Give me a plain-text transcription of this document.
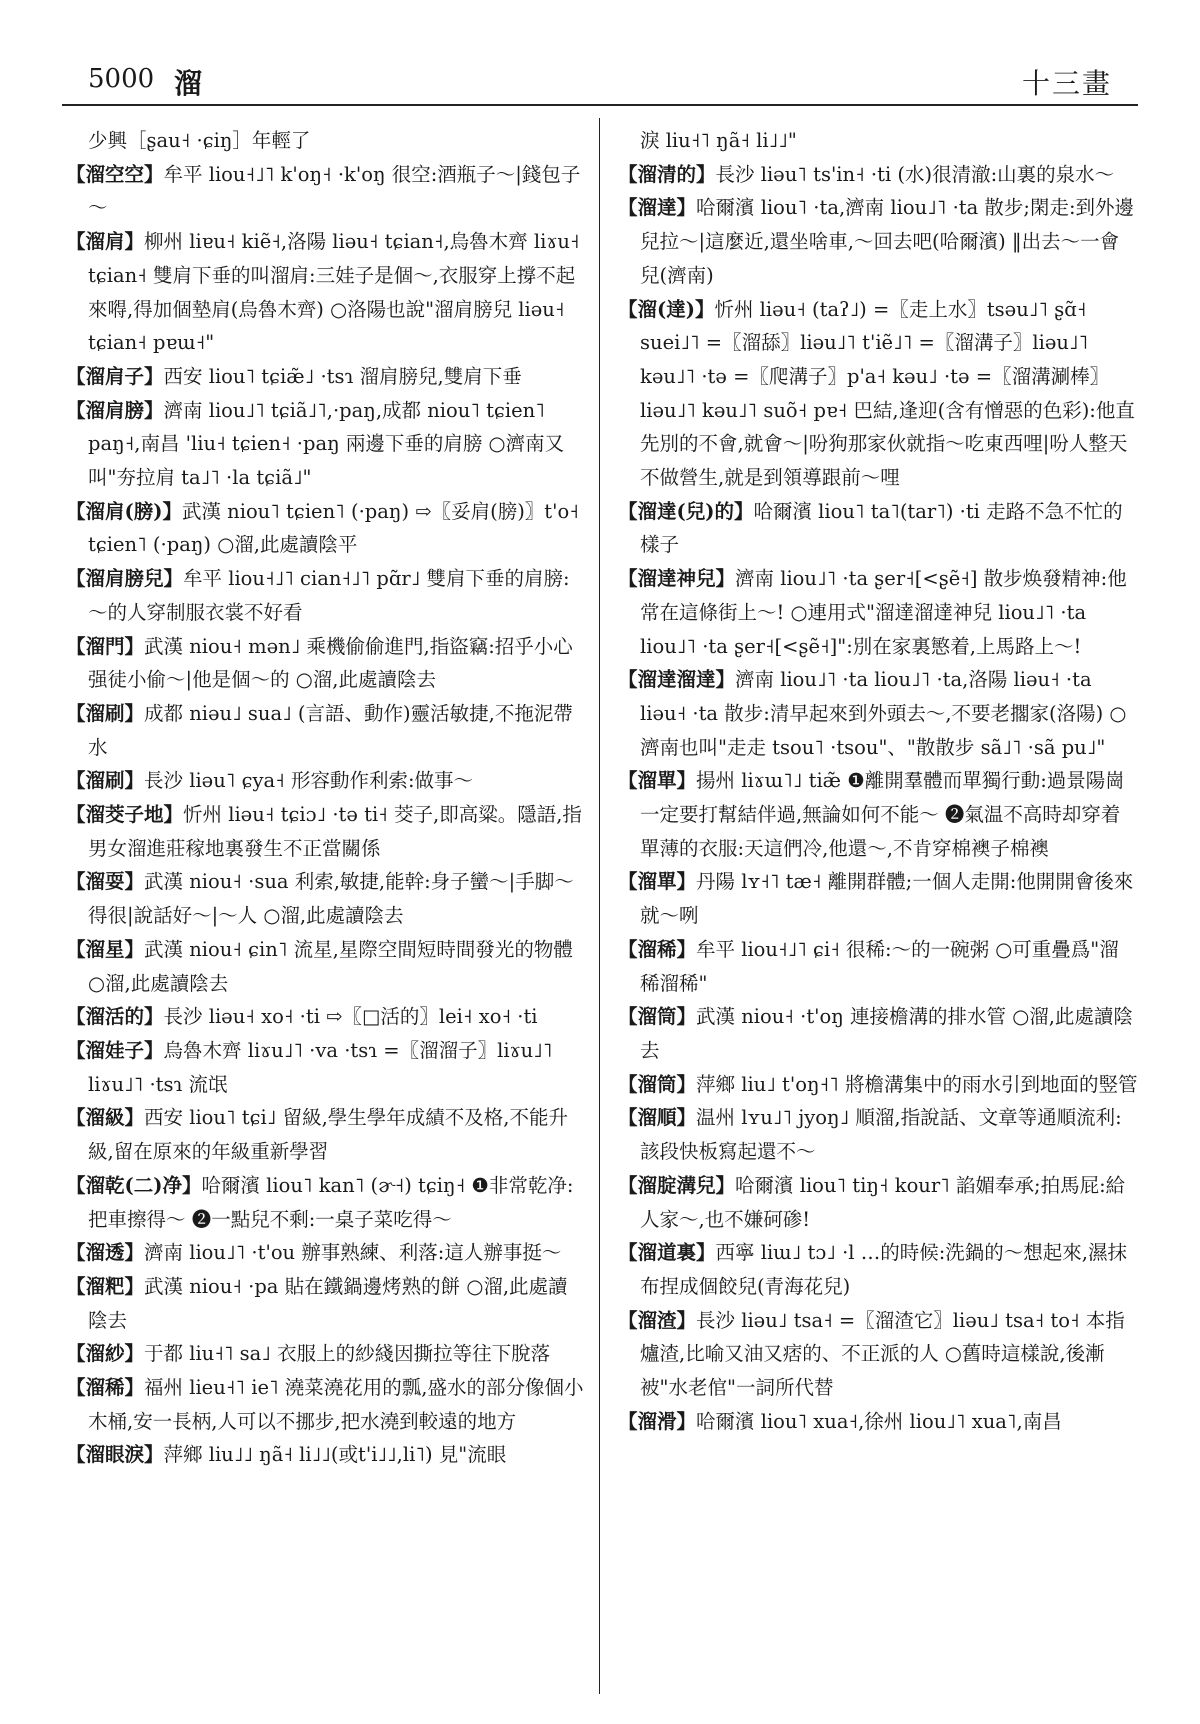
5000 溜	十三畫

少興［ʂau˧ ·ɕiŋ］年輕了

【溜空空】牟平 liou˧˩˥ k'oŋ˧ ·k'oŋ 很空:酒瓶子～|錢包子～

【溜肩】柳州 liɐu˧ kiẽ˧,洛陽 liəu˧ tɕian˧,烏魯木齊 liɤu˧ tɕian˧ 雙肩下垂的叫溜肩:三娃子是個～,衣服穿上撐不起來嘚,得加個墊肩(烏魯木齊) ○洛陽也說"溜肩膀兒 liəu˧ tɕian˧ pɐɯ˧"

【溜肩子】西安 liou˥ tɕiæ̃˩ ·tsɿ 溜肩膀兒,雙肩下垂

【溜肩膀】濟南 liou˩˥ tɕiã˩˥,·paŋ,成都 niou˥ tɕien˥ paŋ˧,南昌 'liu˧ tɕien˧ ·paŋ 兩邊下垂的肩膀 ○濟南又叫"夯拉肩 ta˩˥ ·la tɕiã˩"

【溜肩(膀)】武漢 niou˥ tɕien˥ (·paŋ) ⇨〖妥肩(膀)〗t'o˧ tɕien˥ (·paŋ) ○溜,此處讀陰平

【溜肩膀兒】牟平 liou˧˩˥ cian˧˩˥ pɑ̃r˩ 雙肩下垂的肩膀:～的人穿制服衣裳不好看

【溜門】武漢 niou˧ mən˩ 乘機偷偷進門,指盜竊:招乎小心强徒小偷～|他是個～的 ○溜,此處讀陰去

【溜刷】成都 niəu˩ sua˩ (言語、動作)靈活敏捷,不拖泥帶水

【溜刷】長沙 liəu˥ ɕya˧ 形容動作利索:做事～

【溜茭子地】忻州 liəu˧ tɕiɔ˩ ·tə ti˧ 茭子,即高粱。隱語,指男女溜進莊稼地裏發生不正當關係

【溜耍】武漢 niou˧ ·sua 利索,敏捷,能幹:身子蠻～|手脚～得很|說話好～|～人 ○溜,此處讀陰去

【溜星】武漢 niou˧ ɕin˥ 流星,星際空間短時間發光的物體 ○溜,此處讀陰去

【溜活的】長沙 liəu˧ xo˧ ·ti ⇨〖□活的〗lei˧ xo˧ ·ti

【溜娃子】烏魯木齊 liɤu˩˥ ·va ·tsɿ =〖溜溜子〗liɤu˩˥ liɤu˩˥ ·tsɿ 流氓

【溜級】西安 liou˥ tɕi˩ 留級,學生學年成績不及格,不能升級,留在原來的年級重新學習

【溜乾(二)净】哈爾濱 liou˥ kan˥ (ɚ˧) tɕiŋ˧ ❶非常乾净:把車擦得～ ❷一點兒不剩:一桌子菜吃得～

【溜透】濟南 liou˩˥ ·t'ou 辦事熟練、利落:這人辦事挺～

【溜粑】武漢 niou˧ ·pa 貼在鐵鍋邊烤熟的餅 ○溜,此處讀陰去

【溜紗】于都 liu˧˥ sa˩ 衣服上的紗綫因撕拉等往下脫落

【溜稀】福州 lieu˧˥ ie˥ 澆菜澆花用的瓢,盛水的部分像個小木桶,安一長柄,人可以不挪步,把水澆到較遠的地方

【溜眼淚】萍鄉 liu˩˩ ŋã˧ li˩˩(或t'i˩˩,li˥) 見"流眼

淚 liu˧˥ ŋã˧ li˩˩"

【溜清的】長沙 liəu˥ ts'in˧ ·ti (水)很清澈:山裏的泉水～

【溜達】哈爾濱 liou˥ ·ta,濟南 liou˩˥ ·ta 散步;閑走:到外邊兒拉～|這麼近,還坐啥車,～回去吧(哈爾濱) ‖出去～一會兒(濟南)

【溜(達)】忻州 liəu˧ (taʔ˩) =〖走上水〗tsəu˩˥ ʂɑ̃˧ suei˩˥ =〖溜舔〗liəu˩˥ t'iẽ˩˥ =〖溜溝子〗liəu˩˥ kəu˩˥ ·tə =〖爬溝子〗p'a˧ kəu˩ ·tə =〖溜溝涮棒〗liəu˩˥ kəu˩˥ suõ˧ pɐ˧ 巴結,逢迎(含有憎惡的色彩):他直先別的不會,就會～|吩狗那家伙就指～吃東西哩|吩人整天不做營生,就是到領導跟前～哩

【溜達(兒)的】哈爾濱 liou˥ ta˥(tar˥) ·ti 走路不急不忙的樣子

【溜達神兒】濟南 liou˩˥ ·ta ʂer˧[<ʂẽ˧] 散步焕發精神:他常在這條街上～! ○連用式"溜達溜達神兒 liou˩˥ ·ta liou˩˥ ·ta ʂer˧[<ʂẽ˧]":別在家裏慜着,上馬路上～!

【溜達溜達】濟南 liou˩˥ ·ta liou˩˥ ·ta,洛陽 liəu˧ ·ta liəu˧ ·ta 散步:清早起來到外頭去～,不要老擱家(洛陽) ○濟南也叫"走走 tsou˥ ·tsou"、"散散步 sã˩˥ ·sã pu˩"

【溜單】揚州 liɤɯ˥˩ tiæ̃ ❶離開羣體而單獨行動:過景陽崗一定要打幫結伴過,無論如何不能～ ❷氣温不高時却穿着單薄的衣服:天這們冷,他還～,不肯穿棉襖子棉襖

【溜單】丹陽 lʏ˧˥ tæ˧ 離開群體;一個人走開:他開開會後來就～咧

【溜稀】牟平 liou˧˩˥ ɕi˧ 很稀:～的一碗粥 ○可重疊爲"溜稀溜稀"

【溜筒】武漢 niou˧ ·t'oŋ 連接檐溝的排水管 ○溜,此處讀陰去

【溜筒】萍鄉 liu˩ t'oŋ˧˥ 將檐溝集中的雨水引到地面的竪管

【溜順】温州 lʏu˩˥ jyoŋ˩ 順溜,指說話、文章等通順流利:該段快板寫起還不～

【溜腚溝兒】哈爾濱 liou˥ tiŋ˧ kour˥ 諂媚奉承;拍馬屁:給人家～,也不嫌砢碜!

【溜道裏】西寧 liɯ˩ tɔ˩ ·l …的時候:洗鍋的～想起來,濕抹布捏成個餃兒(青海花兒)

【溜渣】長沙 liəu˩ tsa˧ =〖溜渣它〗liəu˩ tsa˧ to˧ 本指爐渣,比喻又油又痞的、不正派的人 ○舊時這樣說,後漸被"水老倌"一詞所代替

【溜滑】哈爾濱 liou˥ xua˧,徐州 liou˩˥ xua˥,南昌
